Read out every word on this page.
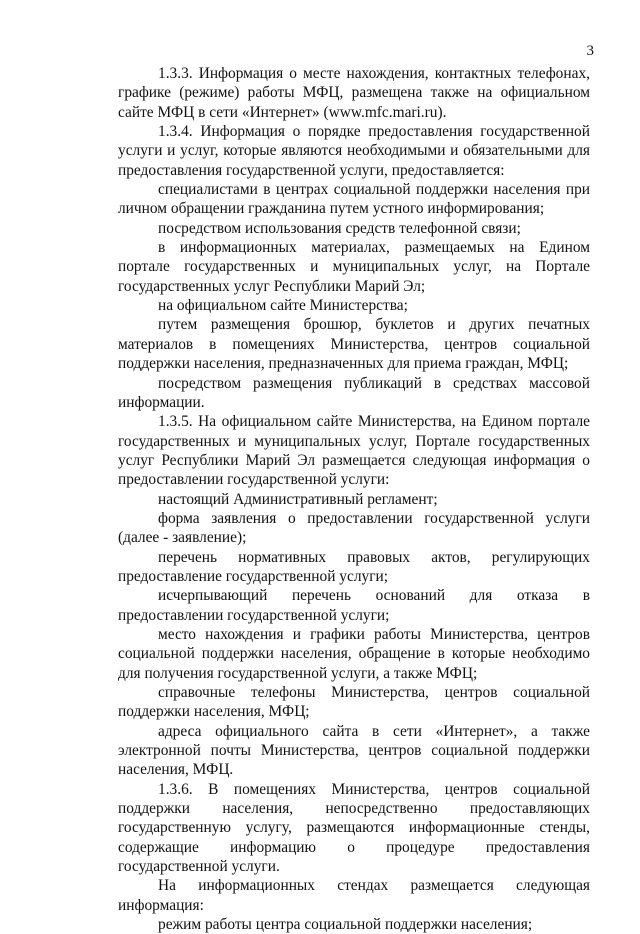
3

1.3.3. Информация о месте нахождения, контактных телефонах, графике (режиме) работы МФЦ, размещена также на официальном сайте МФЦ в сети «Интернет» (www.mfc.mari.ru).

1.3.4. Информация о порядке предоставления государственной услуги и услуг, которые являются необходимыми и обязательными для предоставления государственной услуги, предоставляется:

специалистами в центрах социальной поддержки населения при личном обращении гражданина путем устного информирования;

посредством использования средств телефонной связи;

в информационных материалах, размещаемых на Едином портале государственных и муниципальных услуг, на Портале государственных услуг Республики Марий Эл;

на официальном сайте Министерства;

путем размещения брошюр, буклетов и других печатных материалов в помещениях Министерства, центров социальной поддержки населения, предназначенных для приема граждан, МФЦ;

посредством размещения публикаций в средствах массовой информации.

1.3.5. На официальном сайте Министерства, на Едином портале государственных и муниципальных услуг, Портале государственных услуг Республики Марий Эл размещается следующая информация о предоставлении государственной услуги:

настоящий Административный регламент;

форма заявления о предоставлении государственной услуги (далее - заявление);

перечень нормативных правовых актов, регулирующих предоставление государственной услуги;

исчерпывающий перечень оснований для отказа в предоставлении государственной услуги;

место нахождения и графики работы Министерства, центров социальной поддержки населения, обращение в которые необходимо для получения государственной услуги, а также МФЦ;

справочные телефоны Министерства, центров социальной поддержки населения, МФЦ;

адреса официального сайта в сети «Интернет», а также электронной почты Министерства, центров социальной поддержки населения, МФЦ.

1.3.6. В помещениях Министерства, центров социальной поддержки населения, непосредственно предоставляющих государственную услугу, размещаются информационные стенды, содержащие информацию о процедуре предоставления государственной услуги.

На информационных стендах размещается следующая информация:

режим работы центра социальной поддержки населения;
